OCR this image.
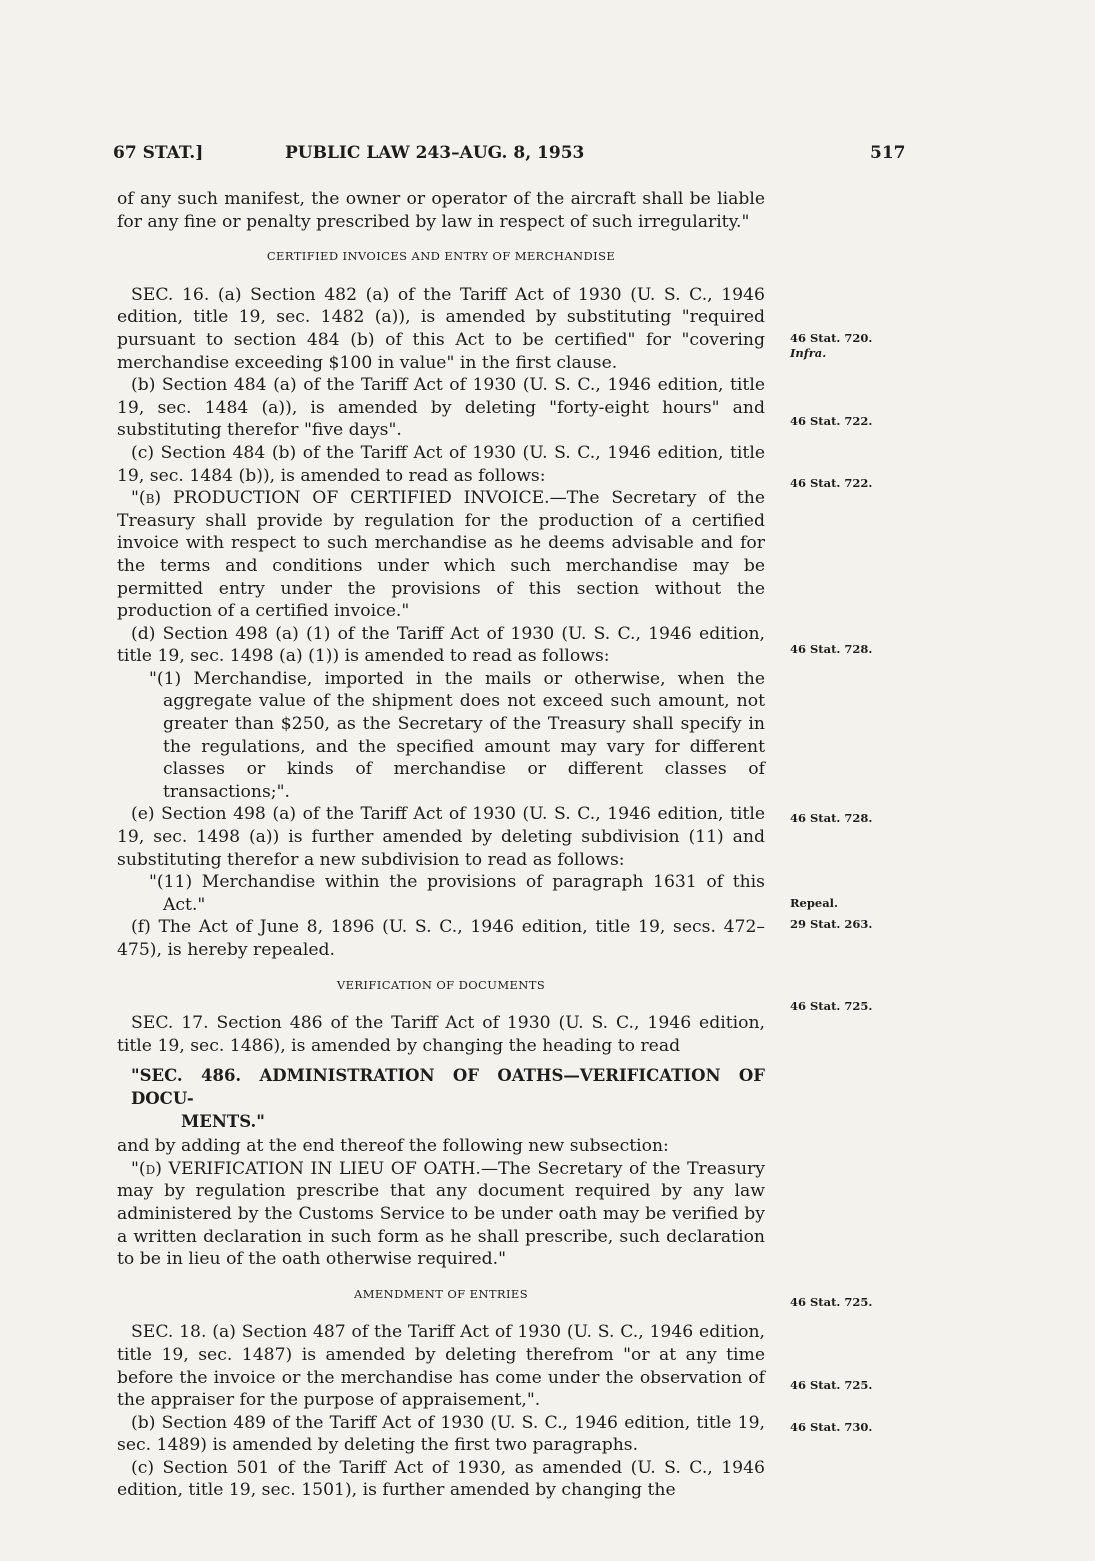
67 STAT.]	PUBLIC LAW 243–AUG. 8, 1953	517

of any such manifest, the owner or operator of the aircraft shall be liable for any fine or penalty prescribed by law in respect of such irregularity."

CERTIFIED INVOICES AND ENTRY OF MERCHANDISE

SEC. 16. (a) Section 482 (a) of the Tariff Act of 1930 (U. S. C., 1946 edition, title 19, sec. 1482 (a)), is amended by substituting "required pursuant to section 484 (b) of this Act to be certified" for "covering merchandise exceeding $100 in value" in the first clause.

(b) Section 484 (a) of the Tariff Act of 1930 (U. S. C., 1946 edition, title 19, sec. 1484 (a)), is amended by deleting "forty-eight hours" and substituting therefor "five days".

(c) Section 484 (b) of the Tariff Act of 1930 (U. S. C., 1946 edition, title 19, sec. 1484 (b)), is amended to read as follows:

"(b) PRODUCTION OF CERTIFIED INVOICE.—The Secretary of the Treasury shall provide by regulation for the production of a certified invoice with respect to such merchandise as he deems advisable and for the terms and conditions under which such merchandise may be permitted entry under the provisions of this section without the production of a certified invoice."

(d) Section 498 (a) (1) of the Tariff Act of 1930 (U. S. C., 1946 edition, title 19, sec. 1498 (a) (1)) is amended to read as follows:

"(1) Merchandise, imported in the mails or otherwise, when the aggregate value of the shipment does not exceed such amount, not greater than $250, as the Secretary of the Treasury shall specify in the regulations, and the specified amount may vary for different classes or kinds of merchandise or different classes of transactions;".

(e) Section 498 (a) of the Tariff Act of 1930 (U. S. C., 1946 edition, title 19, sec. 1498 (a)) is further amended by deleting subdivision (11) and substituting therefor a new subdivision to read as follows:

"(11) Merchandise within the provisions of paragraph 1631 of this Act."

(f) The Act of June 8, 1896 (U. S. C., 1946 edition, title 19, secs. 472–475), is hereby repealed.

VERIFICATION OF DOCUMENTS

SEC. 17. Section 486 of the Tariff Act of 1930 (U. S. C., 1946 edition, title 19, sec. 1486), is amended by changing the heading to read

"SEC. 486. ADMINISTRATION OF OATHS—VERIFICATION OF DOCU-
MENTS."

and by adding at the end thereof the following new subsection:

"(d) VERIFICATION IN LIEU OF OATH.—The Secretary of the Treasury may by regulation prescribe that any document required by any law administered by the Customs Service to be under oath may be verified by a written declaration in such form as he shall prescribe, such declaration to be in lieu of the oath otherwise required."

AMENDMENT OF ENTRIES

SEC. 18. (a) Section 487 of the Tariff Act of 1930 (U. S. C., 1946 edition, title 19, sec. 1487) is amended by deleting therefrom "or at any time before the invoice or the merchandise has come under the observation of the appraiser for the purpose of appraisement,".

(b) Section 489 of the Tariff Act of 1930 (U. S. C., 1946 edition, title 19, sec. 1489) is amended by deleting the first two paragraphs.

(c) Section 501 of the Tariff Act of 1930, as amended (U. S. C., 1946 edition, title 19, sec. 1501), is further amended by changing the

46 Stat. 720.
Infra.
46 Stat. 722.
46 Stat. 722.
46 Stat. 728.
46 Stat. 728.
Repeal.
29 Stat. 263.
46 Stat. 725.
46 Stat. 725.
46 Stat. 725.
46 Stat. 730.
